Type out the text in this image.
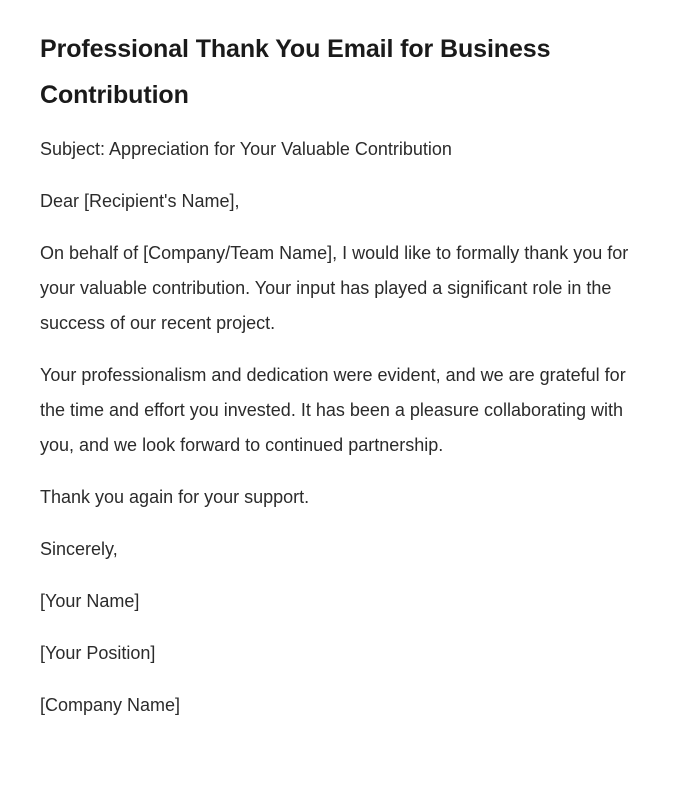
Professional Thank You Email for Business Contribution

Subject: Appreciation for Your Valuable Contribution

Dear [Recipient's Name],

On behalf of [Company/Team Name], I would like to formally thank you for your valuable contribution. Your input has played a significant role in the success of our recent project.

Your professionalism and dedication were evident, and we are grateful for the time and effort you invested. It has been a pleasure collaborating with you, and we look forward to continued partnership.

Thank you again for your support.

Sincerely,

[Your Name]

[Your Position]

[Company Name]
